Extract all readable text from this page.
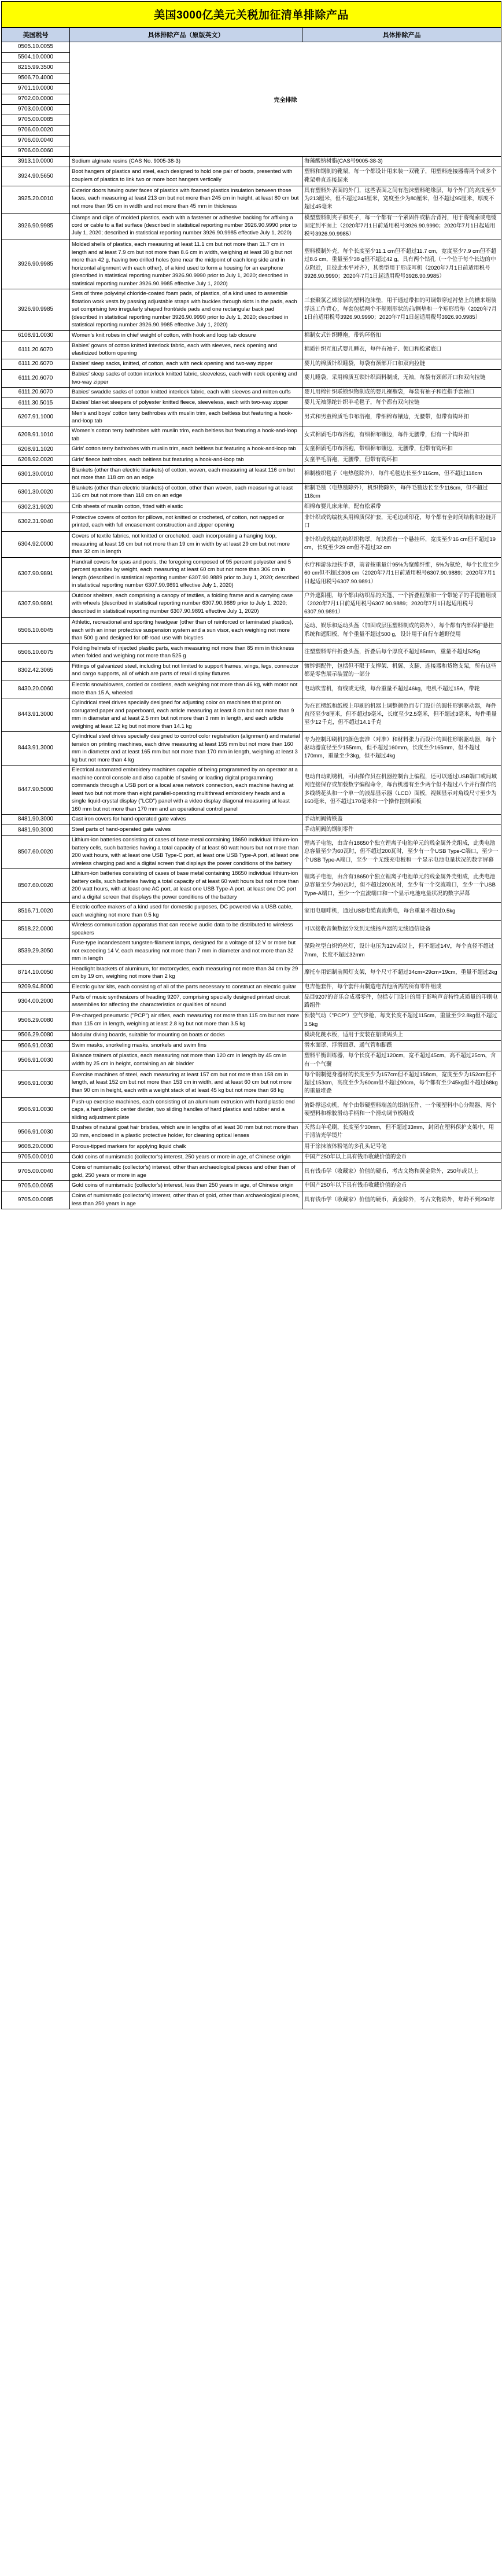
美国3000亿美元关税加征清单排除产品		
美国税号	具体排除产品（原版英文）	具体排除产品
0505.10.0055	完全排除	
5504.10.0000		
8215.99.3500		
9506.70.4000		
9701.10.0000		
9702.00.0000		
9703.00.0000		
9705.00.0085		
9706.00.0020		
9706.00.0040		
9706.00.0060		
3913.10.0000	Sodium alginate resins (CAS No. 9005-38-3)	海藻酸钠树脂(CAS号9005-38-3)
3924.90.5650	Boot hangers of plastics and steel, each designed to hold one pair of boots, presented with couplers of plastics to link two or more boot hangers vertically	塑料和钢制的靴架，每一个都设计用来装一双靴子，用塑料连接器将两个或多个靴架垂直连接起来
3925.20.0010	Exterior doors having outer faces of plastics with foamed plastics insulation between those faces, each measuring at least 213 cm but not more than 245 cm in height, at least 80 cm but not more than 95 cm in width and not more than 45 mm in thickness	具有塑料外表面的外门，这些表面之间有泡沫塑料绝缘层，每个外门的高度至少为213厘米，但不超过245厘米，宽度至少为80厘米，但不超过95厘米，厚度不超过45毫米
3926.90.9985	Clamps and clips of molded plastics, each with a fastener or adhesive backing for affixing a cord or cable to a flat surface (described in statistical reporting number 3926.90.9990 prior to July 1, 2020; described in statistical reporting number 3926.90.9985 effective July 1, 2020)	模塑塑料制夹子和夹子，每一个都有一个紧固件或粘合背衬，用于将绳索或电缆固定到平面上（2020年7月1日前适用税号3926.90.9990；2020年7月1日起适用税号3926.90.9985）
3926.90.9985	Molded shells of plastics, each measuring at least 11.1 cm but not more than 11.7 cm in length and at least 7.9 cm but not more than 8.6 cm in width, weighing at least 38 g but not more than 42 g, having two drilled holes (one near the midpoint of each long side and in horizontal alignment with each other), of a kind used to form a housing for an earphone (described in statistical reporting number 3926.90.9990 prior to July 1, 2020; described in statistical reporting number 3926.90.9985 effective July 1, 2020)	塑料模制外壳，每个长度至少11.1 cm但不超过11.7 cm，宽度至少7.9 cm但不超过8.6 cm，重量至少38 g但不超过42 g，具有两个钻孔（一个位于每个长边的中点附近，且彼此水平对齐），其类型用于形成耳机（2020年7月1日前适用税号3926.90.9990；2020年7月1日起适用税号3926.90.9985）
3926.90.9985	Sets of three polyvinyl chloride-coated foam pads, of plastics, of a kind used to assemble flotation work vests by passing adjustable straps with buckles through slots in the pads, each set comprising two irregularly shaped front/side pads and one rectangular back pad (described in statistical reporting number 3926.90.9990 prior to July 1, 2020; described in statistical reporting number 3926.90.9985 effective July 1, 2020)	三套聚氯乙烯涂层的塑料泡沫垫，用于通过带扣的可调带穿过衬垫上的槽来组装浮选工作背心，每套包括两个不规则形状的前/侧垫和一个矩形后垫（2020年7月1日前适用税号3926.90.9990；2020年7月1日起适用税号3926.90.9985）
6108.91.0030	Women's knit robes in chief weight of cotton, with hook and loop tab closure	棉制女式针织睡袍，带钩环搭扣
6111.20.6070	Babies' gowns of cotton knitted interlock fabric, each with sleeves, neck opening and elasticized bottom opening	棉质针织互扣式婴儿睡衣，每件有袖子、领口和松紧底口
6111.20.6070	Babies' sleep sacks, knitted, of cotton, each with neck opening and two-way zipper	婴儿的棉质针织睡袋，每袋有颈部开口和双向拉链
6111.20.6070	Babies' sleep sacks of cotton interlock knitted fabric, sleeveless, each with neck opening and two-way zipper	婴儿睡袋，采用棉质互锁针织面料制成，无袖，每袋有颈部开口和双向拉链
6111.20.6070	Babies' swaddle sacks of cotton knitted interlock fabric, each with sleeves and mitten cuffs	婴儿用棉针织联锁织物制成的婴儿襁褓袋，每袋有袖子和连指手套袖口
6111.30.5015	Babies' blanket sleepers of polyester knitted fleece, sleeveless, each with two-way zipper	婴儿无袖涤纶针织羊毛毯子，每个都有双向拉链
6207.91.1000	Men's and boys' cotton terry bathrobes with muslin trim, each beltless but featuring a hook-and-loop tab	男式和男童棉质毛巾布浴袍，带细棉布镶边，无腰带，但带有钩环扣
6208.91.1010	Women's cotton terry bathrobes with muslin trim, each beltless but featuring a hook-and-loop tab	女式棉质毛巾布浴袍，有细棉布镶边，每件无腰带，但有一个钩环扣
6208.91.1020	Girls' cotton terry bathrobes with muslin trim, each beltless but featuring a hook-and-loop tab	女童棉质毛巾布浴袍，带细棉布镶边，无腰带，但带有钩环扣
6208.92.0020	Girls' fleece bathrobes, each beltless but featuring a hook-and-loop tab	女童羊毛浴袍，无腰带，但带有钩环扣
6301.30.0010	Blankets (other than electric blankets) of cotton, woven, each measuring at least 116 cm but not more than 118 cm on an edge	棉制梭织毯子（电热毯除外），每件毛毯边长至少116cm，但不超过118cm
6301.30.0020	Blankets (other than electric blankets) of cotton, other than woven, each measuring at least 116 cm but not more than 118 cm on an edge	棉制毛毯（电热毯除外），机织物除外，每件毛毯边长至少116cm，但不超过118cm
6302.31.9020	Crib sheets of muslin cotton, fitted with elastic	细棉布婴儿床床单，配有松紧带
6302.31.9040	Protective covers of cotton for pillows, not knitted or crocheted, of cotton, not napped or printed, each with full encasement construction and zipper opening	非针织或钩编枕头用棉质保护套，无毛边或印花，每个都有全封闭结构和拉链开口
6304.92.0000	Covers of textile fabrics, not knitted or crocheted, each incorporating a hanging loop, measuring at least 16 cm but not more than 19 cm in width by at least 29 cm but not more than 32 cm in length	非针织或钩编的纺织织物罩，每块都有一个悬挂环，宽度至少16 cm但不超过19 cm，长度至少29 cm但不超过32 cm
6307.90.9891	Handrail covers for spas and pools, the foregoing composed of 95 percent polyester and 5 percent spandex by weight, each measuring at least 60 cm but not more than 306 cm in length (described in statistical reporting number 6307.90.9889 prior to July 1, 2020; described in statistical reporting number 6307.90.9891 effective July 1, 2020)	水疗和游泳池扶手罩，前者按重量计95%为聚酯纤维，5%为氨纶，每个长度至少60 cm但不超过306 cm（2020年7月1日前适用税号6307.90.9889；2020年7月1日起适用税号6307.90.9891）
6307.90.9891	Outdoor shelters, each comprising a canopy of textiles, a folding frame and a carrying case with wheels (described in statistical reporting number 6307.90.9889 prior to July 1, 2020; described in statistical reporting number 6307.90.9891 effective July 1, 2020)	户外遮阳棚，每个都由纺织品的天篷、一个折叠框架和一个带轮子的手提箱组成（2020年7月1日前适用税号6307.90.9889；2020年7月1日起适用税号6307.90.9891）
6506.10.6045	Athletic, recreational and sporting headgear (other than of reinforced or laminated plastics), each with an inner protective suspension system and a sun visor, each weighing not more than 500 g and designed for off-road use with bicycles	运动、娱乐和运动头盔（加固或层压塑料制成的除外），每个都有内部保护悬挂系统和遮阳板，每个重量不超过500 g，设计用于自行车越野使用
6506.10.6075	Folding helmets of injected plastic parts, each measuring not more than 85 mm in thickness when folded and weighing not more than 525 g	注塑塑料零件折叠头盔，折叠后每个厚度不超过85mm，重量不超过525g
8302.42.3065	Fittings of galvanized steel, including but not limited to support frames, wings, legs, connector and cargo supports, all of which are parts of retail display fixtures	镀锌钢配件，包括但不限于支撑架、机翼、支腿、连接器和货物支架，所有这些都是零售展示装置的一部分
8430.20.0060	Electric snowblowers, corded or cordless, each weighing not more than 46 kg, with motor not more than 15 A, wheeled	电动吹雪机，有线或无线，每台重量不超过46kg，电机不超过15A，带轮
8443.91.3000	Cylindrical steel drives specially designed for adjusting color on machines that print on corrugated paper and paperboard, each article measuring at least 8 cm but not more than 9 mm in diameter and at least 2.5 mm but not more than 3 mm in length, and each article weighing at least 12 kg but not more than 14.1 kg	为在瓦楞纸和纸板上印刷的机器上调整颜色而专门设计的圆柱形钢驱动器，每件直径至少8厘米，但不超过9毫米，长度至少2.5毫米，但不超过3毫米，每件重量至少12千克，但不超过14.1千克
8443.91.3000	Cylindrical steel drives specially designed to control color registration (alignment) and material tension on printing machines, each drive measuring at least 155 mm but not more than 160 mm in diameter and at least 165 mm but not more than 170 mm in length, weighing at least 3 kg but not more than 4 kg	专为控制印刷机的颜色套准（对准）和材料张力而设计的圆柱形钢驱动器，每个驱动器直径至少155mm，但不超过160mm，长度至少165mm，但不超过170mm，重量至少3kg，但不超过4kg
8447.90.5000	Electrical automated embroidery machines capable of being programmed by an operator at a machine control console and also capable of saving or loading digital programming commands through a USB port or a local area network connection, each machine having at least two but not more than eight parallel-operating multithread embroidery heads and a single liquid-crystal display ("LCD") panel with a video display diagonal measuring at least 160 mm but not more than 170 mm and an operational control panel	电动自动刺绣机，可由操作员在机器控制台上编程，还可以通过USB端口或局域网连接保存或加载数字编程命令，每台机器有至少两个但不超过八个并行操作的多线绣花头和一个单一的液晶显示器（LCD）面板，视频显示对角线尺寸至少为160毫米，但不超过170毫米和一个操作控制面板
8481.90.3000	Cast iron covers for hand-operated gate valves	手动闸阀铸铁盖
8481.90.3000	Steel parts of hand-operated gate valves	手动闸阀的钢制零件
8507.60.0020	Lithium-ion batteries consisting of cases of base metal containing 18650 individual lithium-ion battery cells, such batteries having a total capacity of at least 60 watt hours but not more than 200 watt hours, with at least one USB Type-C port, at least one USB Type-A port, at least one wireless charging pad and a digital screen that displays the power conditions of the battery	锂离子电池，由含有18650个独立锂离子电池单元的贱金属外壳组成，此类电池总容量至少为60瓦时，但不超过200瓦时，至少有一个USB Type-C端口，至少一个USB Type-A端口，至少一个无线充电板和一个显示电池电量状况的数字屏幕
8507.60.0020	Lithium-ion batteries consisting of cases of base metal containing 18650 individual lithium-ion battery cells, such batteries having a total capacity of at least 60 watt hours but not more than 200 watt hours, with at least one AC port, at least one USB Type-A port, at least one DC port and a digital screen that displays the power conditions of the battery	锂离子电池，由含有18650个独立锂离子电池单元的贱金属外壳组成，此类电池总容量至少为60瓦时，但不超过200瓦时，至少有一个交流端口，至少一个USB Type-A端口，至少一个直流端口和一个显示电池电量状况的数字屏幕
8516.71.0020	Electric coffee makers of a kind used for domestic purposes, DC powered via a USB cable, each weighing not more than 0.5 kg	家用电咖啡机，通过USB电缆直流供电，每台重量不超过0.5kg
8518.22.0000	Wireless communication apparatus that can receive audio data to be distributed to wireless speakers	可以接收音频数据分发到无线扬声器的无线通信设备
8539.29.3050	Fuse-type incandescent tungsten-filament lamps, designed for a voltage of 12 V or more but not exceeding 14 V, each measuring not more than 7 mm in diameter and not more than 32 mm in length	保险丝型白炽钨丝灯，设计电压为12V或以上，但不超过14V，每个直径不超过7mm，长度不超过32mm
8714.10.0050	Headlight brackets of aluminum, for motorcycles, each measuring not more than 34 cm by 29 cm by 19 cm, weighing not more than 2 kg	摩托车用铝制前照灯支架，每个尺寸不超过34cm×29cm×19cm，重量不超过2kg
9209.94.8000	Electric guitar kits, each consisting of all of the parts necessary to construct an electric guitar	电吉他套件，每个套件由制造电吉他所需的所有零件组成
9304.00.2000	Parts of music synthesizers of heading 9207, comprising specially designed printed circuit assemblies for affecting the characteristics or qualities of sound	品目9207的音乐合成器零件，包括专门设计的用于影响声音特性或质量的印刷电路组件
9506.29.0080	Pre-charged pneumatic ("PCP") air rifles, each measuring not more than 115 cm but not more than 115 cm in length, weighing at least 2.8 kg but not more than 3.5 kg	预装气动（"PCP"）空气步枪，每支长度不超过115cm，重量至少2.8kg但不超过3.5kg
9506.29.0080	Modular diving boards, suitable for mounting on boats or docks	模块化跳水板，适用于安装在船或码头上
9506.91.0030	Swim masks, snorkeling masks, snorkels and swim fins	潜水面罩、浮潜面罩、通气管和脚蹼
9506.91.0030	Balance trainers of plastics, each measuring not more than 120 cm in length by 45 cm in width by 25 cm in height, containing an air bladder	塑料平衡训练器，每个长度不超过120cm，宽不超过45cm，高不超过25cm，含有一个气囊
9506.91.0030	Exercise machines of steel, each measuring at least 157 cm but not more than 158 cm in length, at least 152 cm but not more than 153 cm in width, and at least 60 cm but not more than 90 cm in height, each with a weight stack of at least 45 kg but not more than 68 kg	每个钢制健身器材的长度至少为157cm但不超过158cm，宽度至少为152cm但不超过153cm，高度至少为60cm但不超过90cm，每个都有至少45kg但不超过68kg的重量堆叠
9506.91.0030	Push-up exercise machines, each consisting of an aluminum extrusion with hard plastic end caps, a hard plastic center divider, two sliding handles of hard plastics and rubber and a sliding adjustment plate	俯卧撑运动机，每个由带硬塑料端盖的铝挤压件、一个硬塑料中心分隔器、两个硬塑料和橡胶滑动手柄和一个滑动调节板组成
9506.91.0030	Brushes of natural goat hair bristles, which are in lengths of at least 30 mm but not more than 33 mm, enclosed in a plastic protective holder, for cleaning optical lenses	天然山羊毛刷，长度至少30mm，但不超过33mm，封闭在塑料保护支架中，用于清洁光学镜片
9608.20.0000	Porous-tipped markers for applying liquid chalk	用于涂抹液体粉笔的多孔头记号笔
9705.00.0010	Gold coins of numismatic (collector's) interest, 250 years or more in age, of Chinese origin	中国产250年以上具有钱币收藏价值的金币
9705.00.0040	Coins of numismatic (collector's) interest, other than archaeological pieces and other than of gold, 250 years or more in age	具有钱币学（收藏家）价值的硬币，考古文物和黄金除外，250年或以上
9705.00.0065	Gold coins of numismatic (collector's) interest, less than 250 years in age, of Chinese origin	中国产250年以下具有钱币收藏价值的金币
9705.00.0085	Coins of numismatic (collector's) interest, other than of gold, other than archaeological pieces, less than 250 years in age	具有钱币学（收藏家）价值的硬币，黄金除外，考古文物除外，年龄不到250年
